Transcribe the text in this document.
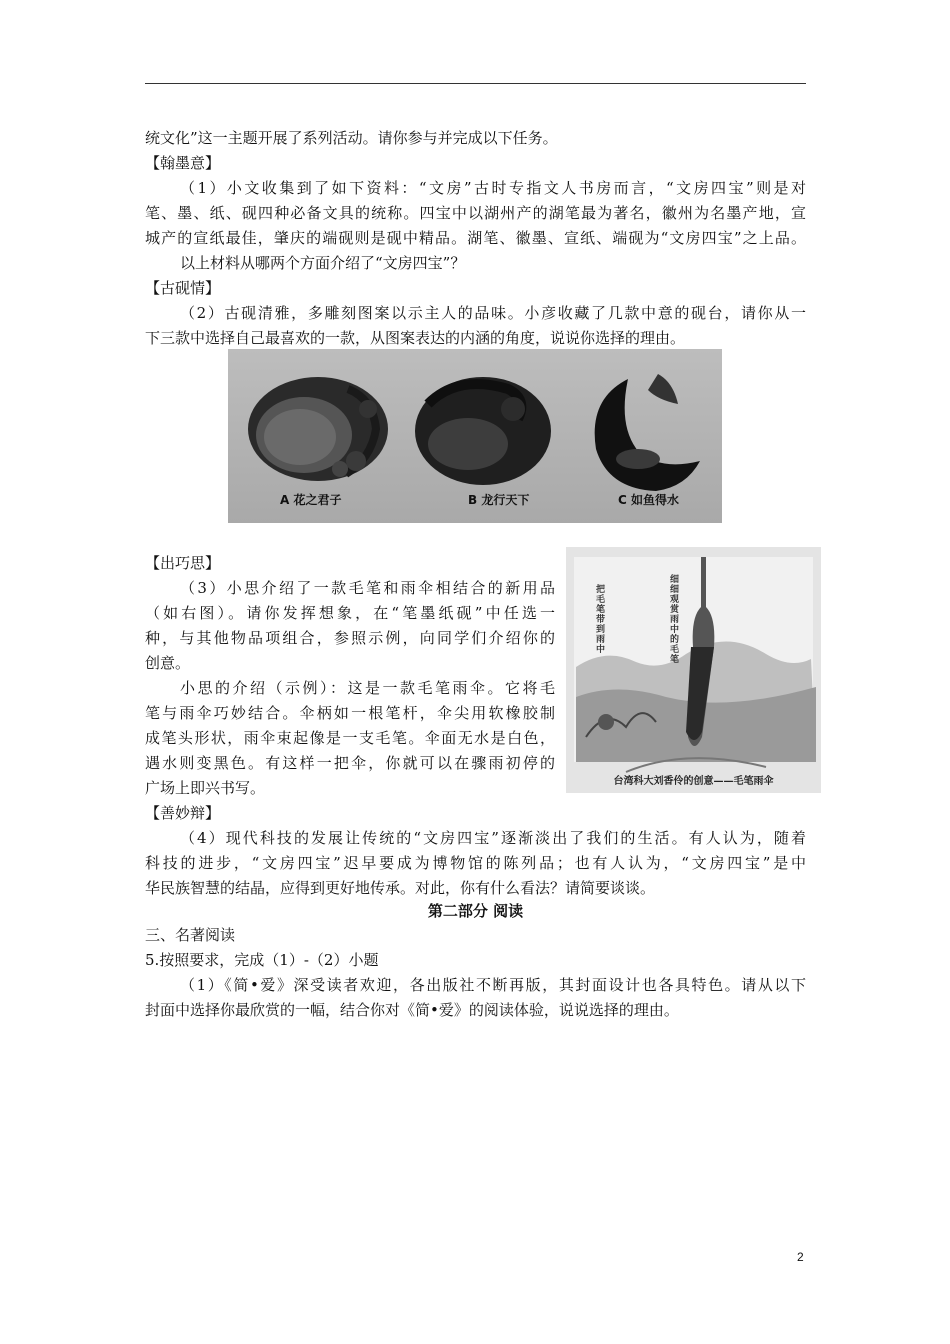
统文化”这一主题开展了系列活动。请你参与并完成以下任务。
【翰墨意】
（1）小文收集到了如下资料：“文房”古时专指文人书房而言，“文房四宝”则是对
笔、墨、纸、砚四种必备文具的统称。四宝中以湖州产的湖笔最为著名，徽州为名墨产地，宣
城产的宣纸最佳，肇庆的端砚则是砚中精品。湖笔、徽墨、宣纸、端砚为“文房四宝”之上品。
以上材料从哪两个方面介绍了“文房四宝”？
【古砚情】
（2）古砚清雅，多雕刻图案以示主人的品味。小彦收藏了几款中意的砚台，请你从一
下三款中选择自己最喜欢的一款，从图案表达的内涵的角度，说说你选择的理由。
A 花之君子	B 龙行天下	C 如鱼得水
【出巧思】
（3）小思介绍了一款毛笔和雨伞相结合的新用品
（如右图）。请你发挥想象，在“笔墨纸砚”中任选一
种，与其他物品项组合，参照示例，向同学们介绍你的
创意。
小思的介绍（示例）：这是一款毛笔雨伞。它将毛
笔与雨伞巧妙结合。伞柄如一根笔杆，伞尖用软橡胶制
成笔头形状，雨伞束起像是一支毛笔。伞面无水是白色，
遇水则变黑色。有这样一把伞，你就可以在骤雨初停的
广场上即兴书写。
把毛笔带到雨中
细细观赏雨中的毛笔
台湾科大刘香伶的创意——毛笔雨伞
【善妙辩】
（4）现代科技的发展让传统的“文房四宝”逐渐淡出了我们的生活。有人认为，随着
科技的进步，“文房四宝”迟早要成为博物馆的陈列品；也有人认为，“文房四宝”是中
华民族智慧的结晶，应得到更好地传承。对此，你有什么看法？请简要谈谈。
第二部分 阅读
三、名著阅读
5.按照要求，完成（1）-（2）小题
（1）《简•爱》深受读者欢迎，各出版社不断再版，其封面设计也各具特色。请从以下
封面中选择你最欣赏的一幅，结合你对《简•爱》的阅读体验，说说选择的理由。
2
